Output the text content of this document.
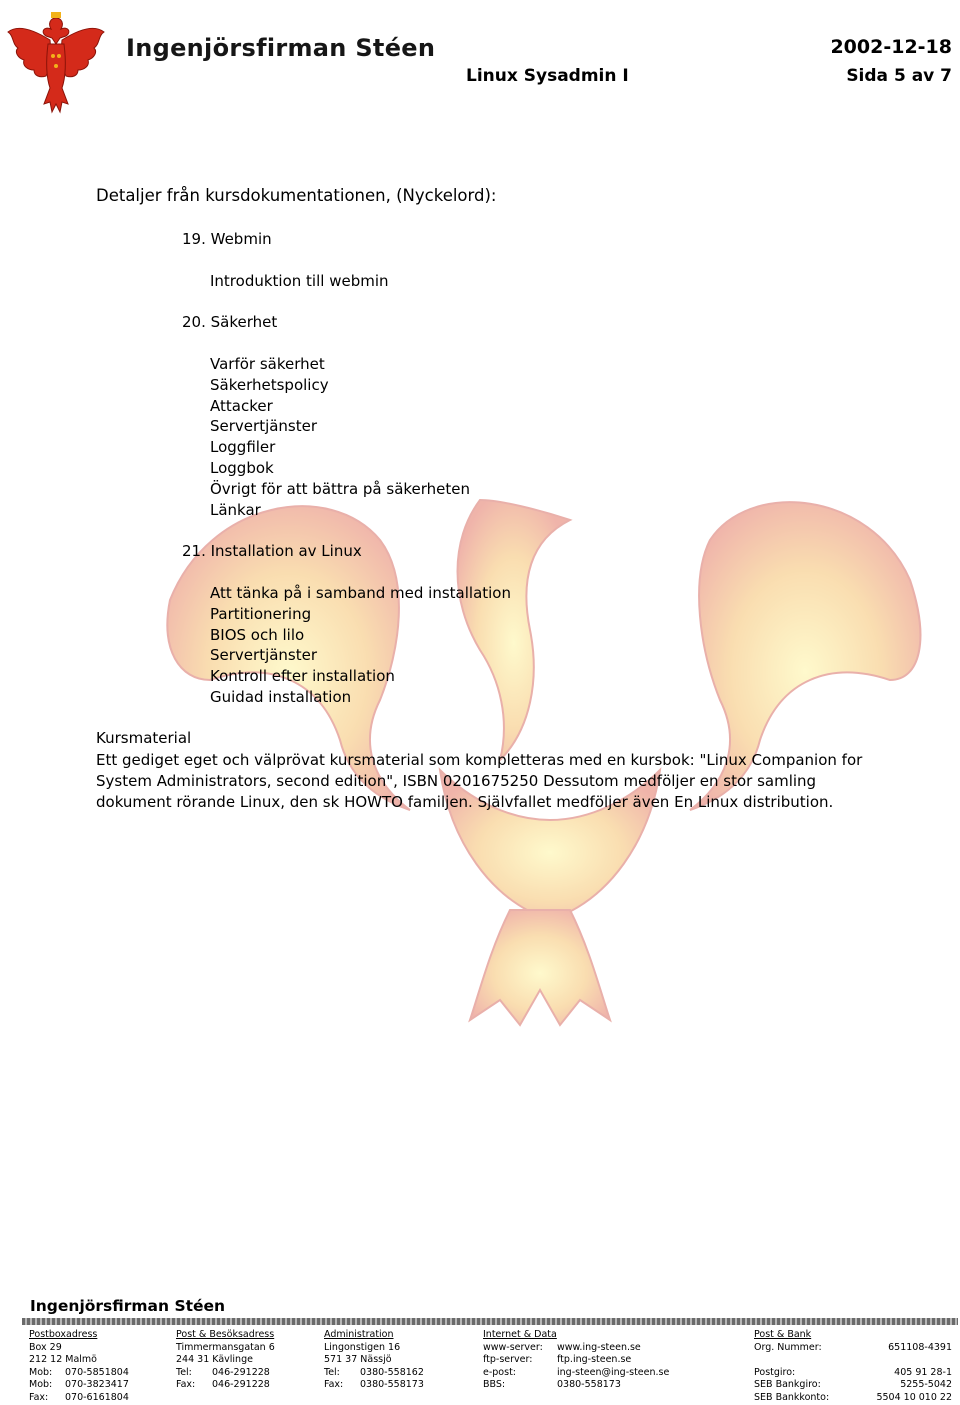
Ingenjörsfirman Stéen	2002-12-18
Linux Sysadmin I	Sida 5 av 7
Detaljer från kursdokumentationen, (Nyckelord):
19. Webmin
Introduktion till webmin
20. Säkerhet
Varför säkerhet
Säkerhetspolicy
Attacker
Servertjänster
Loggfiler
Loggbok
Övrigt för att bättra på säkerheten
Länkar
21. Installation av Linux
Att tänka på i samband med installation
Partitionering
BIOS och lilo
Servertjänster
Kontroll efter installation
Guidad installation
Kursmaterial
Ett gediget eget och välprövat kursmaterial som kompletteras med en kursbok: "Linux Companion for System Administrators, second edition", ISBN 0201675250 Dessutom medföljer en stor samling dokument rörande Linux, den sk HOWTO familjen. Självfallet medföljer även En Linux distribution.
Ingenjörsfirman Stéen
Postboxadress
Box 29
212 12 Malmö
Mob:	070-5851804
Mob:	070-3823417
Fax:	070-6161804
Post & Besöksadress
Timmermansgatan 6
244 31 Kävlinge
Tel:	046-291228
Fax:	046-291228
Administration
Lingonstigen 16
571 37 Nässjö
Tel:	0380-558162
Fax:	0380-558173
Internet & Data
www-server:	www.ing-steen.se
ftp-server:	ftp.ing-steen.se
e-post:	ing-steen@ing-steen.se
BBS:	0380-558173
Post & Bank
Org. Nummer:	651108-4391

Postgiro:	405 91 28-1
SEB Bankgiro:	5255-5042
SEB Bankkonto:	5504 10 010 22
